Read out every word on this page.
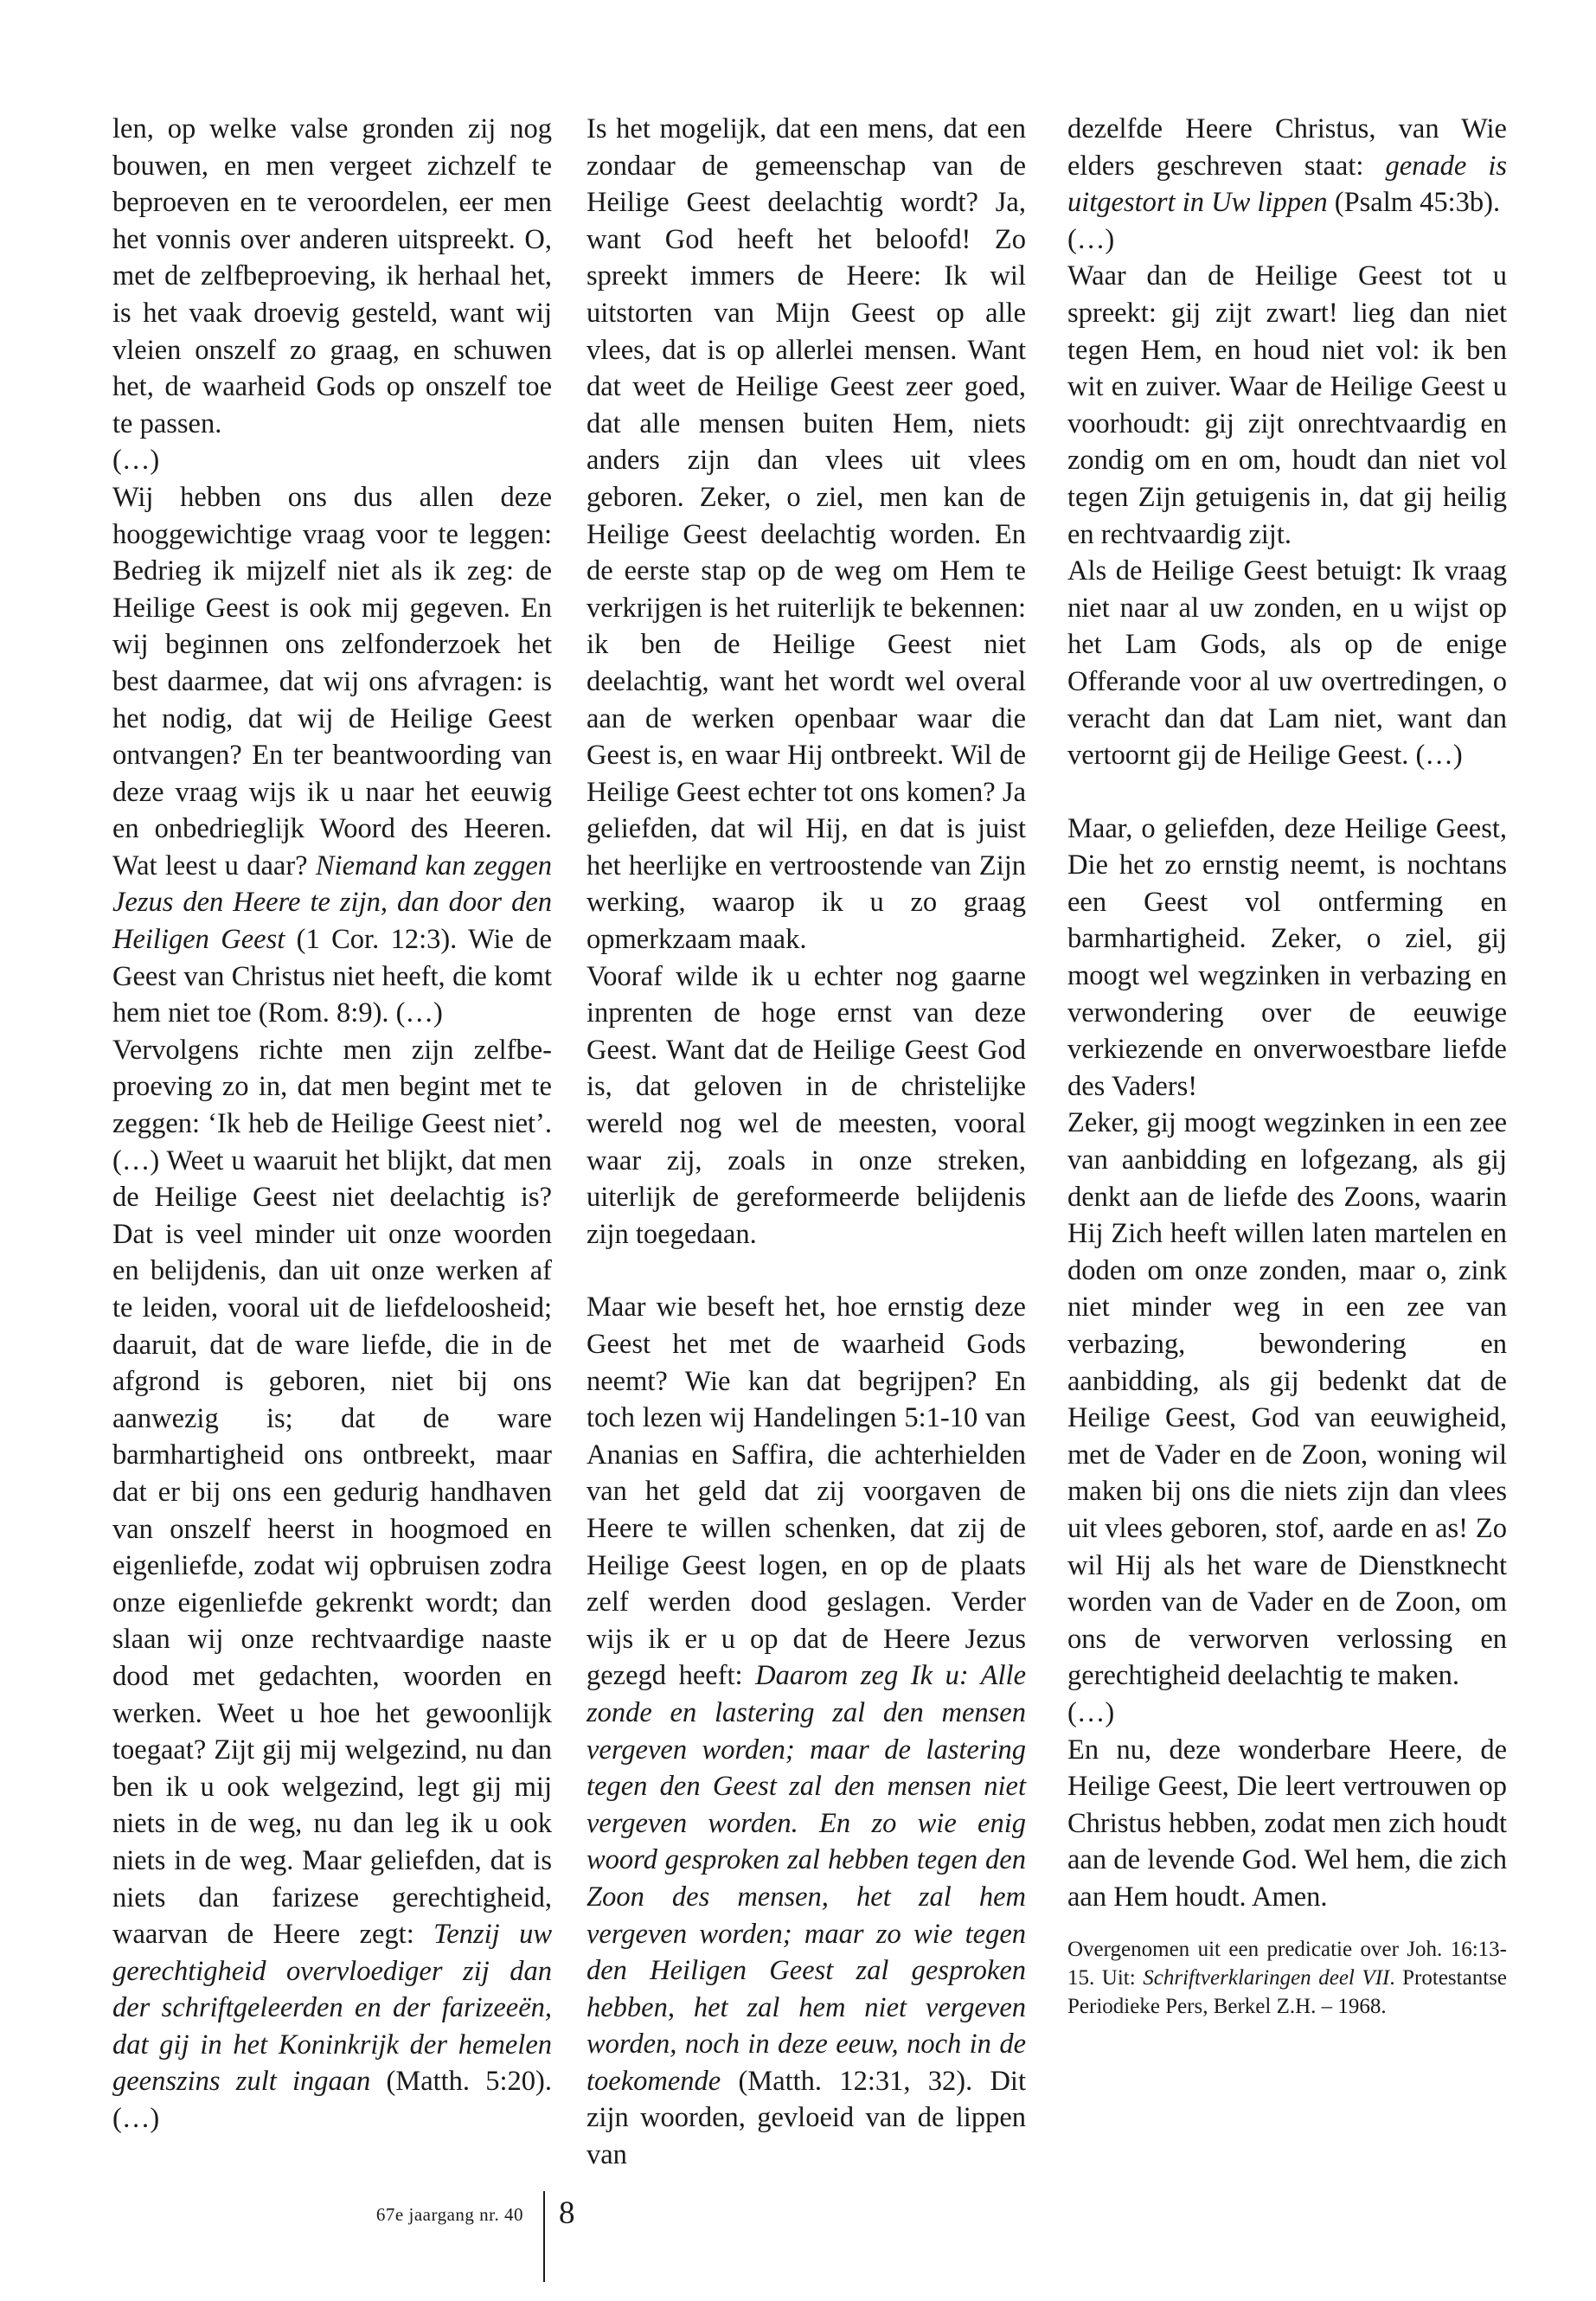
len, op welke valse gronden zij nog bouwen, en men vergeet zichzelf te beproeven en te veroordelen, eer men het vonnis over anderen uitspreekt. O, met de zelfbeproeving, ik herhaal het, is het vaak droevig gesteld, want wij vleien onszelf zo graag, en schuwen het, de waarheid Gods op onszelf toe te passen.

(…)

Wij hebben ons dus allen deze hooggewichtige vraag voor te leggen: Bedrieg ik mijzelf niet als ik zeg: de Heilige Geest is ook mij gegeven. En wij beginnen ons zelfonderzoek het best daarmee, dat wij ons afvragen: is het nodig, dat wij de Heilige Geest ontvangen? En ter beantwoording van deze vraag wijs ik u naar het eeuwig en onbedrieglijk Woord des Heeren. Wat leest u daar? Niemand kan zeggen Jezus den Heere te zijn, dan door den Heiligen Geest (1 Cor. 12:3). Wie de Geest van Christus niet heeft, die komt hem niet toe (Rom. 8:9). (…)

Vervolgens richte men zijn zelfbeproeving zo in, dat men begint met te zeggen: ‘Ik heb de Heilige Geest niet’. (…) Weet u waaruit het blijkt, dat men de Heilige Geest niet deelachtig is? Dat is veel minder uit onze woorden en belijdenis, dan uit onze werken af te leiden, vooral uit de liefdeloosheid; daaruit, dat de ware liefde, die in de afgrond is geboren, niet bij ons aanwezig is; dat de ware barmhartigheid ons ontbreekt, maar dat er bij ons een gedurig handhaven van onszelf heerst in hoogmoed en eigenliefde, zodat wij opbruisen zodra onze eigenliefde gekrenkt wordt; dan slaan wij onze rechtvaardige naaste dood met gedachten, woorden en werken. Weet u hoe het gewoonlijk toegaat? Zijt gij mij welgezind, nu dan ben ik u ook welgezind, legt gij mij niets in de weg, nu dan leg ik u ook niets in de weg. Maar geliefden, dat is niets dan farizese gerechtigheid, waarvan de Heere zegt: Tenzij uw gerechtigheid overvloediger zij dan der schriftgeleerden en der farizeeën, dat gij in het Koninkrijk der hemelen geenszins zult ingaan (Matth. 5:20). (…)

Is het mogelijk, dat een mens, dat een zondaar de gemeenschap van de Heilige Geest deelachtig wordt? Ja, want God heeft het beloofd! Zo spreekt immers de Heere: Ik wil uitstorten van Mijn Geest op alle vlees, dat is op allerlei mensen. Want dat weet de Heilige Geest zeer goed, dat alle mensen buiten Hem, niets anders zijn dan vlees uit vlees geboren. Zeker, o ziel, men kan de Heilige Geest deelachtig worden. En de eerste stap op de weg om Hem te verkrijgen is het ruiterlijk te bekennen: ik ben de Heilige Geest niet deelachtig, want het wordt wel overal aan de werken openbaar waar die Geest is, en waar Hij ontbreekt. Wil de Heilige Geest echter tot ons komen? Ja geliefden, dat wil Hij, en dat is juist het heerlijke en vertroostende van Zijn werking, waarop ik u zo graag opmerkzaam maak.

Vooraf wilde ik u echter nog gaarne inprenten de hoge ernst van deze Geest. Want dat de Heilige Geest God is, dat geloven in de christelijke wereld nog wel de meesten, vooral waar zij, zoals in onze streken, uiterlijk de gereformeerde belijdenis zijn toegedaan.

Maar wie beseft het, hoe ernstig deze Geest het met de waarheid Gods neemt? Wie kan dat begrijpen? En toch lezen wij Handelingen 5:1-10 van Ananias en Saffira, die achterhielden van het geld dat zij voorgaven de Heere te willen schenken, dat zij de Heilige Geest logen, en op de plaats zelf werden dood geslagen. Verder wijs ik er u op dat de Heere Jezus gezegd heeft: Daarom zeg Ik u: Alle zonde en lastering zal den mensen vergeven worden; maar de lastering tegen den Geest zal den mensen niet vergeven worden. En zo wie enig woord gesproken zal hebben tegen den Zoon des mensen, het zal hem vergeven worden; maar zo wie tegen den Heiligen Geest zal gesproken hebben, het zal hem niet vergeven worden, noch in deze eeuw, noch in de toekomende (Matth. 12:31, 32). Dit zijn woorden, gevloeid van de lippen van

dezelfde Heere Christus, van Wie elders geschreven staat: genade is uitgestort in Uw lippen (Psalm 45:3b).

(…)

Waar dan de Heilige Geest tot u spreekt: gij zijt zwart! lieg dan niet tegen Hem, en houd niet vol: ik ben wit en zuiver. Waar de Heilige Geest u voorhoudt: gij zijt onrechtvaardig en zondig om en om, houdt dan niet vol tegen Zijn getuigenis in, dat gij heilig en rechtvaardig zijt.

Als de Heilige Geest betuigt: Ik vraag niet naar al uw zonden, en u wijst op het Lam Gods, als op de enige Offerande voor al uw overtredingen, o veracht dan dat Lam niet, want dan vertoornt gij de Heilige Geest. (…)

Maar, o geliefden, deze Heilige Geest, Die het zo ernstig neemt, is nochtans een Geest vol ontferming en barmhartigheid. Zeker, o ziel, gij moogt wel wegzinken in verbazing en verwondering over de eeuwige verkiezende en onverwoestbare liefde des Vaders!

Zeker, gij moogt wegzinken in een zee van aanbidding en lofgezang, als gij denkt aan de liefde des Zoons, waarin Hij Zich heeft willen laten martelen en doden om onze zonden, maar o, zink niet minder weg in een zee van verbazing, bewondering en aanbidding, als gij bedenkt dat de Heilige Geest, God van eeuwigheid, met de Vader en de Zoon, woning wil maken bij ons die niets zijn dan vlees uit vlees geboren, stof, aarde en as! Zo wil Hij als het ware de Dienstknecht worden van de Vader en de Zoon, om ons de verworven verlossing en gerechtigheid deelachtig te maken.

(…)

En nu, deze wonderbare Heere, de Heilige Geest, Die leert vertrouwen op Christus hebben, zodat men zich houdt aan de levende God. Wel hem, die zich aan Hem houdt. Amen.

Overgenomen uit een predicatie over Joh. 16:13-15. Uit: Schriftverklaringen deel VII. Protestantse Periodieke Pers, Berkel Z.H. – 1968.

67e jaargang nr. 40 8
